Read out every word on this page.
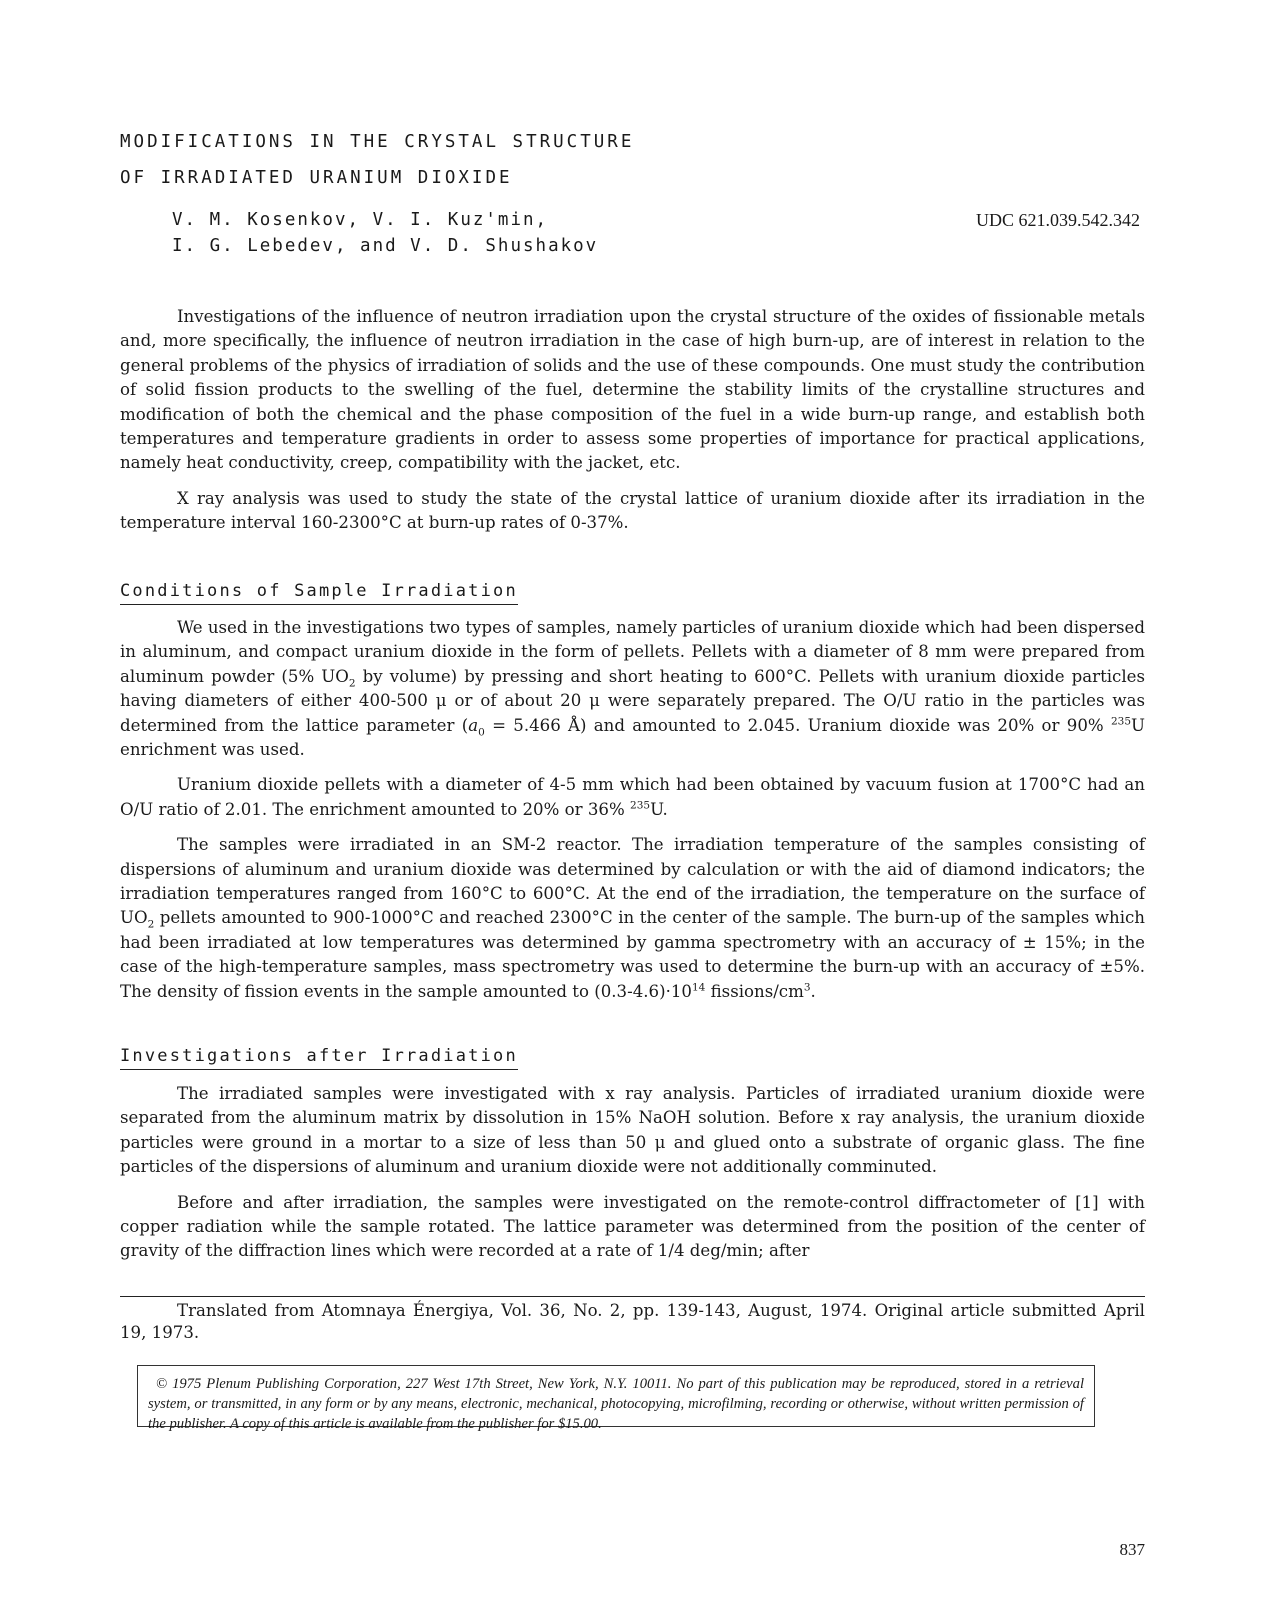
MODIFICATIONS IN THE CRYSTAL STRUCTURE
OF IRRADIATED URANIUM DIOXIDE
V. M. Kosenkov, V. I. Kuz'min,
I. G. Lebedev, and V. D. Shushakov
UDC 621.039.542.342

Investigations of the influence of neutron irradiation upon the crystal structure of the oxides of fissionable metals and, more specifically, the influence of neutron irradiation in the case of high burn-up, are of interest in relation to the general problems of the physics of irradiation of solids and the use of these compounds. One must study the contribution of solid fission products to the swelling of the fuel, determine the stability limits of the crystalline structures and modification of both the chemical and the phase composition of the fuel in a wide burn-up range, and establish both temperatures and temperature gradients in order to assess some properties of importance for practical applications, namely heat conductivity, creep, compatibility with the jacket, etc.

X ray analysis was used to study the state of the crystal lattice of uranium dioxide after its irradiation in the temperature interval 160-2300°C at burn-up rates of 0-37%.

Conditions of Sample Irradiation

We used in the investigations two types of samples, namely particles of uranium dioxide which had been dispersed in aluminum, and compact uranium dioxide in the form of pellets. Pellets with a diameter of 8 mm were prepared from aluminum powder (5% $UO_2$ by volume) by pressing and short heating to 600°C. Pellets with uranium dioxide particles having diameters of either 400-500 μ or of about 20 μ were separately prepared. The O/U ratio in the particles was determined from the lattice parameter ($a_0 = 5.466$ Å) and amounted to 2.045. Uranium dioxide was 20% or 90% $^{235}$U enrichment was used.

Uranium dioxide pellets with a diameter of 4-5 mm which had been obtained by vacuum fusion at 1700°C had an O/U ratio of 2.01. The enrichment amounted to 20% or 36% $^{235}$U.

The samples were irradiated in an SM-2 reactor. The irradiation temperature of the samples consisting of dispersions of aluminum and uranium dioxide was determined by calculation or with the aid of diamond indicators; the irradiation temperatures ranged from 160°C to 600°C. At the end of the irradiation, the temperature on the surface of $UO_2$ pellets amounted to 900-1000°C and reached 2300°C in the center of the sample. The burn-up of the samples which had been irradiated at low temperatures was determined by gamma spectrometry with an accuracy of ± 15%; in the case of the high-temperature samples, mass spectrometry was used to determine the burn-up with an accuracy of ±5%. The density of fission events in the sample amounted to $(0.3-4.6)\cdot 10^{14}$ fissions/$cm^3$.

Investigations after Irradiation

The irradiated samples were investigated with x ray analysis. Particles of irradiated uranium dioxide were separated from the aluminum matrix by dissolution in 15% NaOH solution. Before x ray analysis, the uranium dioxide particles were ground in a mortar to a size of less than 50 μ and glued onto a substrate of organic glass. The fine particles of the dispersions of aluminum and uranium dioxide were not additionally comminuted.

Before and after irradiation, the samples were investigated on the remote-control diffractometer of [1] with copper radiation while the sample rotated. The lattice parameter was determined from the position of the center of gravity of the diffraction lines which were recorded at a rate of 1/4 deg/min; after

Translated from Atomnaya Énergiya, Vol. 36, No. 2, pp. 139-143, August, 1974. Original article submitted April 19, 1973.

© 1975 Plenum Publishing Corporation, 227 West 17th Street, New York, N.Y. 10011. No part of this publication may be reproduced, stored in a retrieval system, or transmitted, in any form or by any means, electronic, mechanical, photocopying, microfilming, recording or otherwise, without written permission of the publisher. A copy of this article is available from the publisher for $15.00.

837
